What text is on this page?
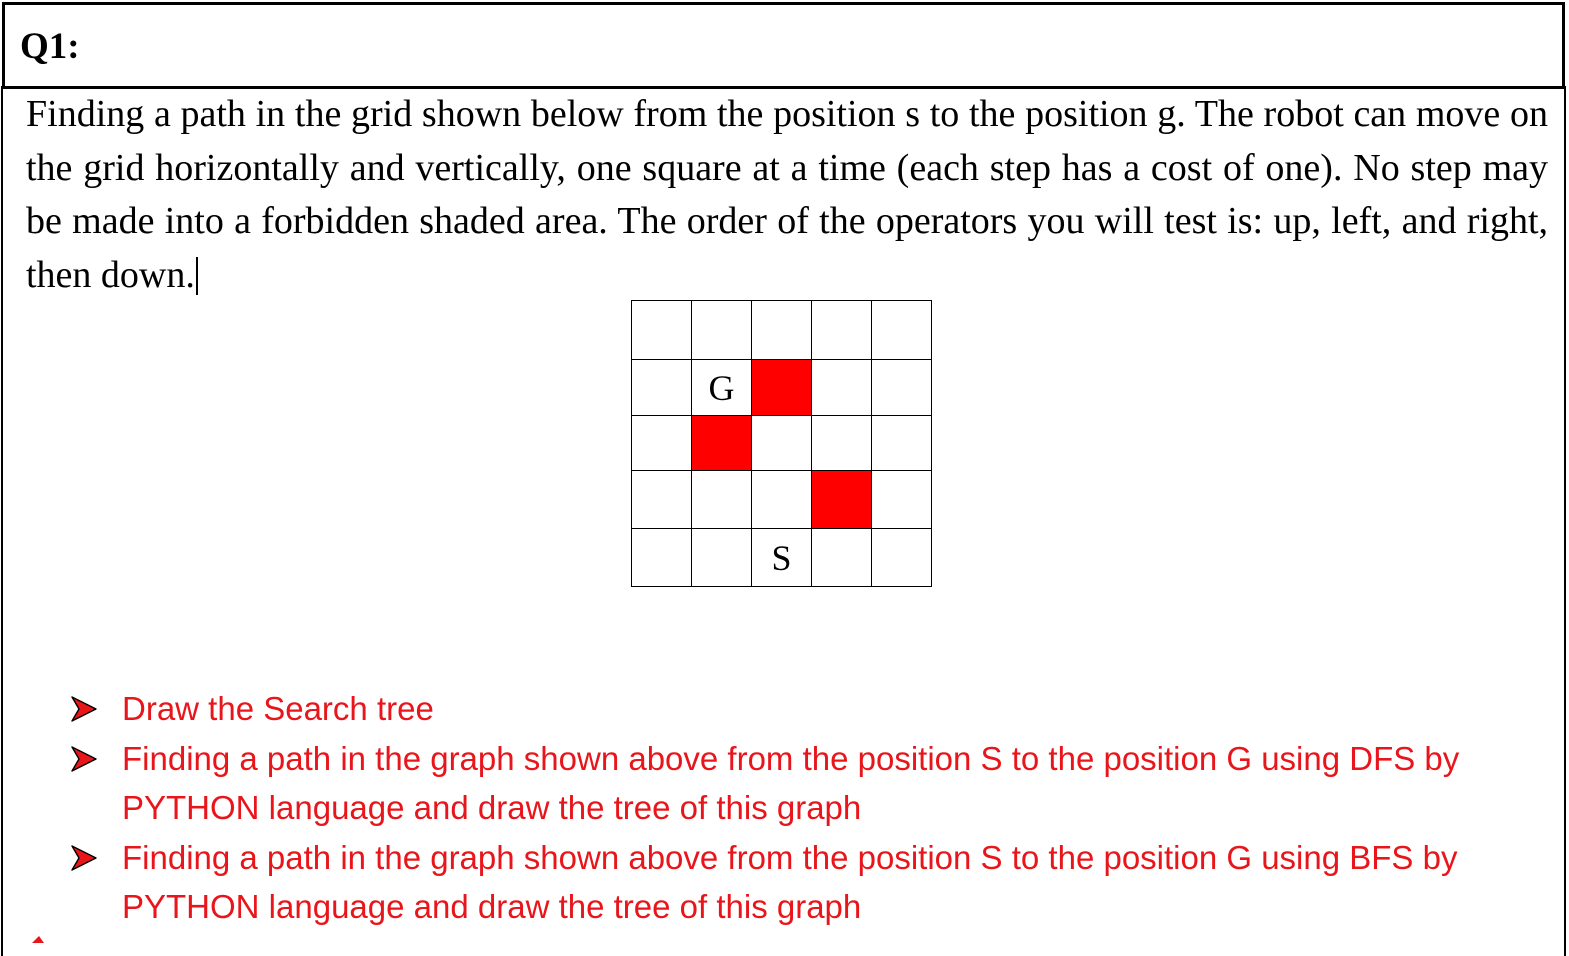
Q1:

Finding a path in the grid shown below from the position s to the position g. The robot can move on the grid horizontally and vertically, one square at a time (each step has a cost of one). No step may be made into a forbidden shaded area. The order of the operators you will test is: up, left, and right, then down.

	G			

		S		
Draw the Search tree
Finding a path in the graph shown above from the position S to the position G using DFS by PYTHON language and draw the tree of this graph
Finding a path in the graph shown above from the position S to the position G using BFS by PYTHON language and draw the tree of this graph
